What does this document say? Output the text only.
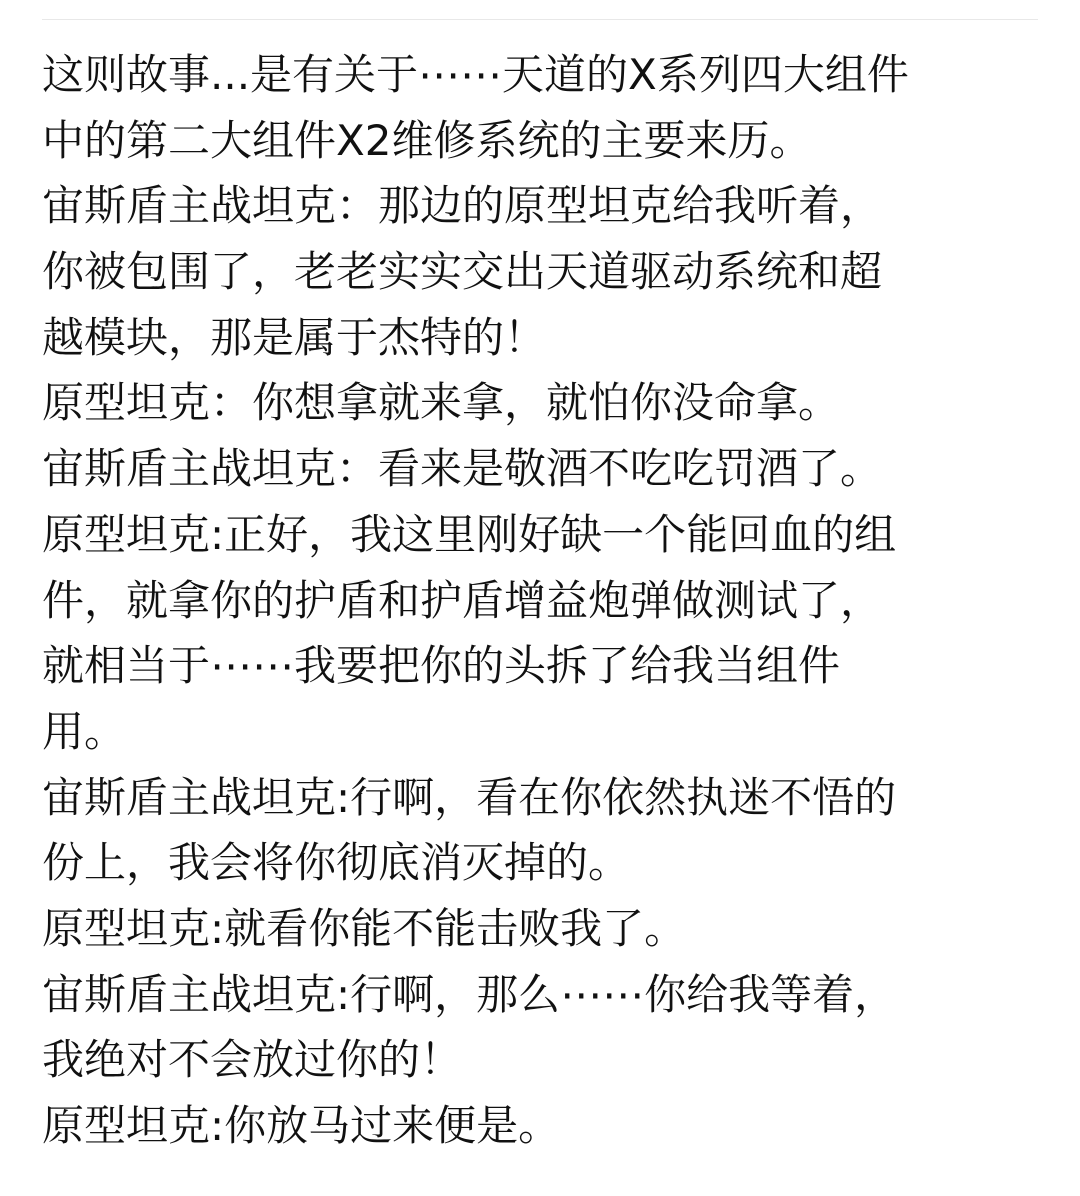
这则故事...是有关于⋯⋯天道的X系列四大组件
中的第二大组件X2维修系统的主要来历。
宙斯盾主战坦克：那边的原型坦克给我听着，
你被包围了，老老实实交出天道驱动系统和超
越模块，那是属于杰特的！
原型坦克：你想拿就来拿，就怕你没命拿。
宙斯盾主战坦克：看来是敬酒不吃吃罚酒了。
原型坦克:正好，我这里刚好缺一个能回血的组
件，就拿你的护盾和护盾增益炮弹做测试了，
就相当于⋯⋯我要把你的头拆了给我当组件
用。
宙斯盾主战坦克:行啊，看在你依然执迷不悟的
份上，我会将你彻底消灭掉的。
原型坦克:就看你能不能击败我了。
宙斯盾主战坦克:行啊，那么⋯⋯你给我等着，
我绝对不会放过你的！
原型坦克:你放马过来便是。
